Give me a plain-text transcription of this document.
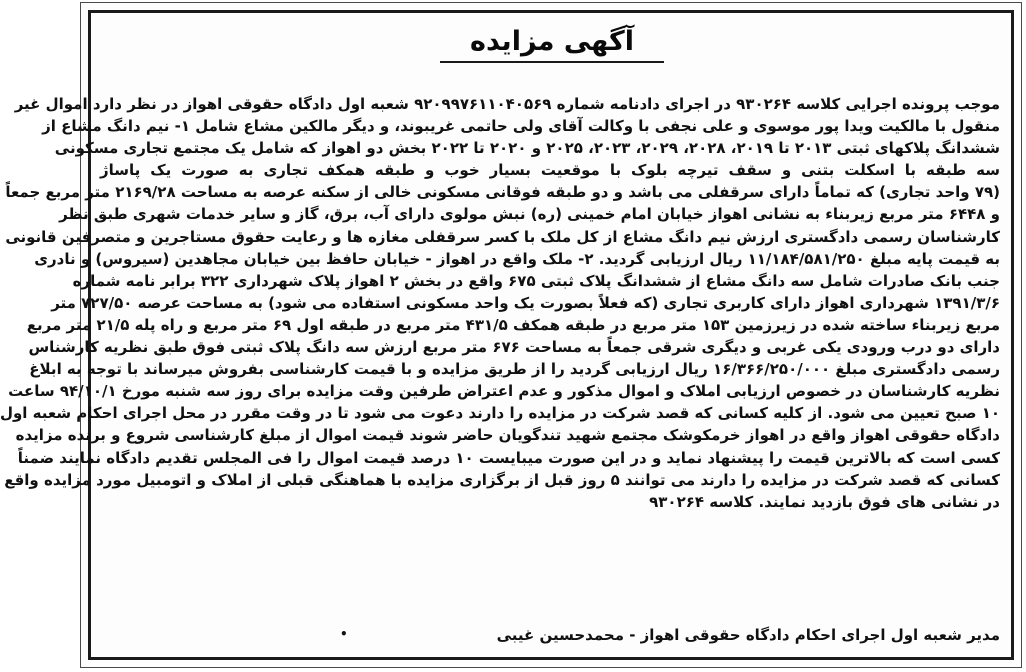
آگهی مزایده
موجب پرونده اجرایی کلاسه ۹۳۰۲۶۴ در اجرای دادنامه شماره ۹۲۰۹۹۷۶۱۱۰۴۰۵۶۹ شعبه اول دادگاه حقوقی اهواز در نظر دارد اموال غیر
منقول با مالکیت ویدا پور موسوی و علی نجفی با وکالت آقای ولی حاتمی غریبوند، و دیگر مالکین مشاع شامل ۱- نیم دانگ مشاع از
ششدانگ پلاکهای ثبتی ۲۰۱۳ تا ۲۰۱۹، ۲۰۲۸، ۲۰۲۹، ۲۰۲۳، ۲۰۲۵ و ۲۰۲۰ تا ۲۰۲۲ بخش دو اهواز که شامل یک مجتمع تجاری مسکونی
سه طبقه با اسکلت بتنی و سقف تیرچه بلوک با موقعیت بسیار خوب و طبقه همکف تجاری به صورت یک پاساژ
(۷۹ واحد تجاری) که تماماً دارای سرقفلی می باشد و دو طبقه فوقانی مسکونی خالی از سکنه عرصه به مساحت ۲۱۶۹/۲۸ متر مربع جمعاً
و ۶۴۴۸ متر مربع زیربناء به نشانی اهواز خیابان امام خمینی (ره) نبش مولوی دارای آب، برق، گاز و سایر خدمات شهری طبق نظر
کارشناسان رسمی دادگستری ارزش نیم دانگ مشاع از کل ملک با کسر سرقفلی مغازه ها و رعایت حقوق مستاجرین و متصرفین قانونی
به قیمت پایه مبلغ ۱۱/۱۸۴/۵۸۱/۲۵۰ ریال ارزیابی گردید. ۲- ملک واقع در اهواز - خیابان حافظ بین خیابان مجاهدین (سیروس) و نادری
جنب بانک صادرات شامل سه دانگ مشاع از ششدانگ پلاک ثبتی ۶۷۵ واقع در بخش ۲ اهواز پلاک شهرداری ۳۲۲ برابر نامه شماره
۱۳۹۱/۳/۶ شهرداری اهواز دارای کاربری تجاری (که فعلاً بصورت یک واحد مسکونی استفاده می شود) به مساحت عرصه ۷۲۷/۵۰ متر
مربع زیربناء ساخته شده در زیرزمین ۱۵۳ متر مربع در طبقه همکف ۴۳۱/۵ متر مربع در طبقه اول ۶۹ متر مربع و راه پله ۲۱/۵ متر مربع
دارای دو درب ورودی یکی غربی و دیگری شرقی جمعاً به مساحت ۶۷۶ متر مربع ارزش سه دانگ پلاک ثبتی فوق طبق نظریه کارشناس
رسمی دادگستری مبلغ ۱۶/۳۶۶/۲۵۰/۰۰۰ ریال ارزیابی گردید را از طریق مزایده و با قیمت کارشناسی بفروش میرساند با توجه به ابلاغ
نظریه کارشناسان در خصوص ارزیابی املاک و اموال مذکور و عدم اعتراض طرفین وقت مزایده برای روز سه شنبه مورخ ۹۴/۱۰/۱ ساعت
۱۰ صبح تعیین می شود. از کلیه کسانی که قصد شرکت در مزایده را دارند دعوت می شود تا در وقت مقرر در محل اجرای احکام شعبه اول
دادگاه حقوقی اهواز واقع در اهواز خرمکوشک مجتمع شهید تندگویان حاضر شوند قیمت اموال از مبلغ کارشناسی شروع و برنده مزایده
کسی است که بالاترین قیمت را پیشنهاد نماید و در این صورت میبایست ۱۰ درصد قیمت اموال را فی المجلس تقدیم دادگاه نمایند ضمناً
کسانی که قصد شرکت در مزایده را دارند می توانند ۵ روز قبل از برگزاری مزایده با هماهنگی قبلی از املاک و اتومبیل مورد مزایده واقع
در نشانی های فوق بازدید نمایند. کلاسه ۹۳۰۲۶۴
مدیر شعبه اول اجرای احکام دادگاه حقوقی اهواز - محمدحسین غیبی
•
